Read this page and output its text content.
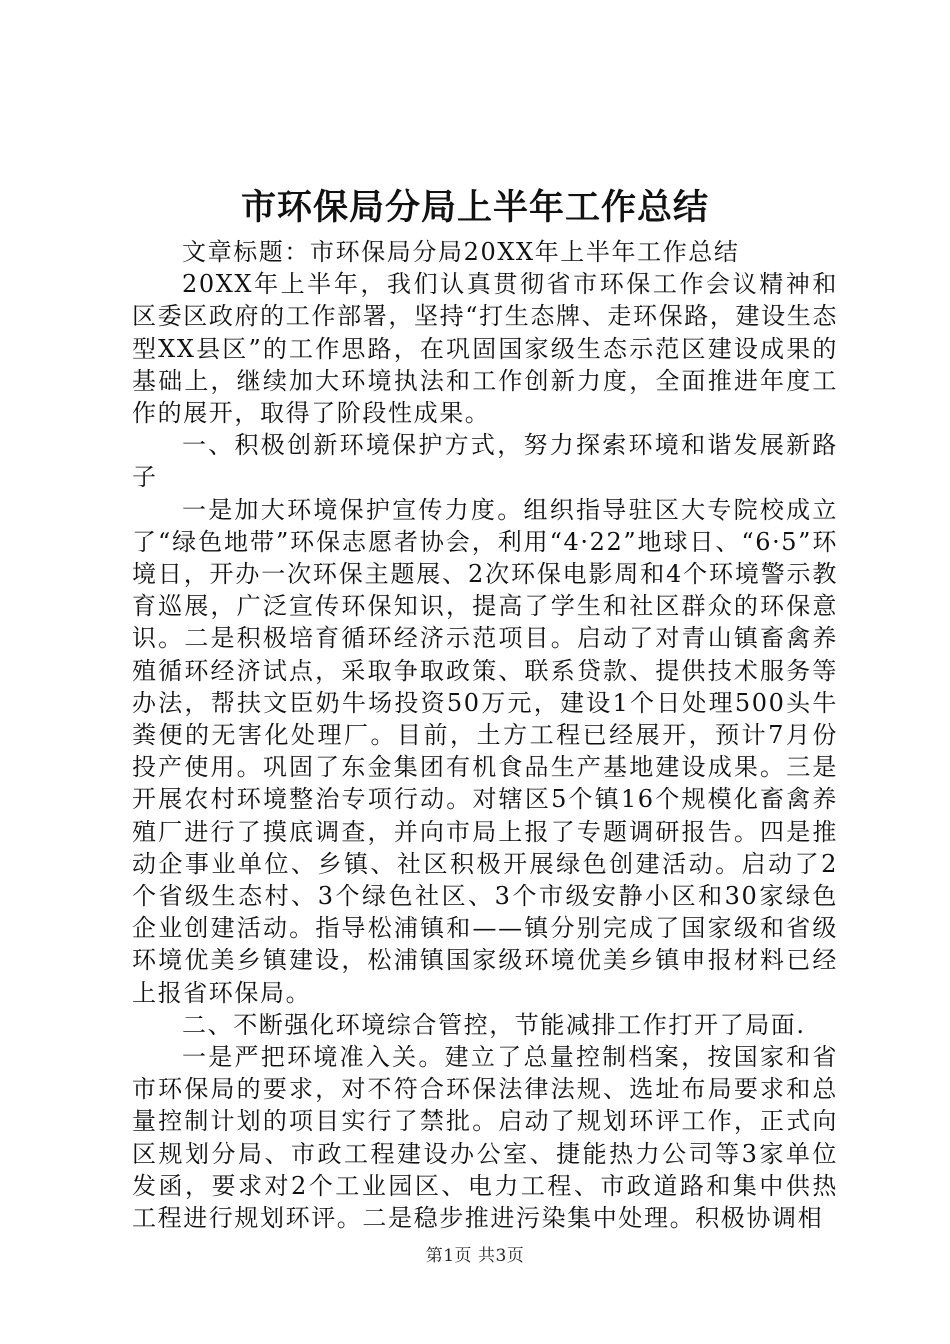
市环保局分局上半年工作总结

文章标题：市环保局分局20XX年上半年工作总结

20XX年上半年，我们认真贯彻省市环保工作会议精神和区委区政府的工作部署，坚持“打生态牌、走环保路，建设生态型XX县区”的工作思路，在巩固国家级生态示范区建设成果的基础上，继续加大环境执法和工作创新力度，全面推进年度工作的展开，取得了阶段性成果。

一、积极创新环境保护方式，努力探索环境和谐发展新路子

一是加大环境保护宣传力度。组织指导驻区大专院校成立了“绿色地带”环保志愿者协会，利用“4·22”地球日、“6·5”环境日，开办一次环保主题展、2次环保电影周和4个环境警示教育巡展，广泛宣传环保知识，提高了学生和社区群众的环保意识。二是积极培育循环经济示范项目。启动了对青山镇畜禽养殖循环经济试点，采取争取政策、联系贷款、提供技术服务等办法，帮扶文臣奶牛场投资50万元，建设1个日处理500头牛粪便的无害化处理厂。目前，土方工程已经展开，预计7月份投产使用。巩固了东金集团有机食品生产基地建设成果。三是开展农村环境整治专项行动。对辖区5个镇16个规模化畜禽养殖厂进行了摸底调查，并向市局上报了专题调研报告。四是推动企事业单位、乡镇、社区积极开展绿色创建活动。启动了2个省级生态村、3个绿色社区、3个市级安静小区和30家绿色企业创建活动。指导松浦镇和——镇分别完成了国家级和省级环境优美乡镇建设，松浦镇国家级环境优美乡镇申报材料已经上报省环保局。

二、不断强化环境综合管控，节能减排工作打开了局面.

一是严把环境准入关。建立了总量控制档案，按国家和省市环保局的要求，对不符合环保法律法规、选址布局要求和总量控制计划的项目实行了禁批。启动了规划环评工作，正式向区规划分局、市政工程建设办公室、捷能热力公司等3家单位发函，要求对2个工业园区、电力工程、市政道路和集中供热工程进行规划环评。二是稳步推进污染集中处理。积极协调相

第1页 共3页
